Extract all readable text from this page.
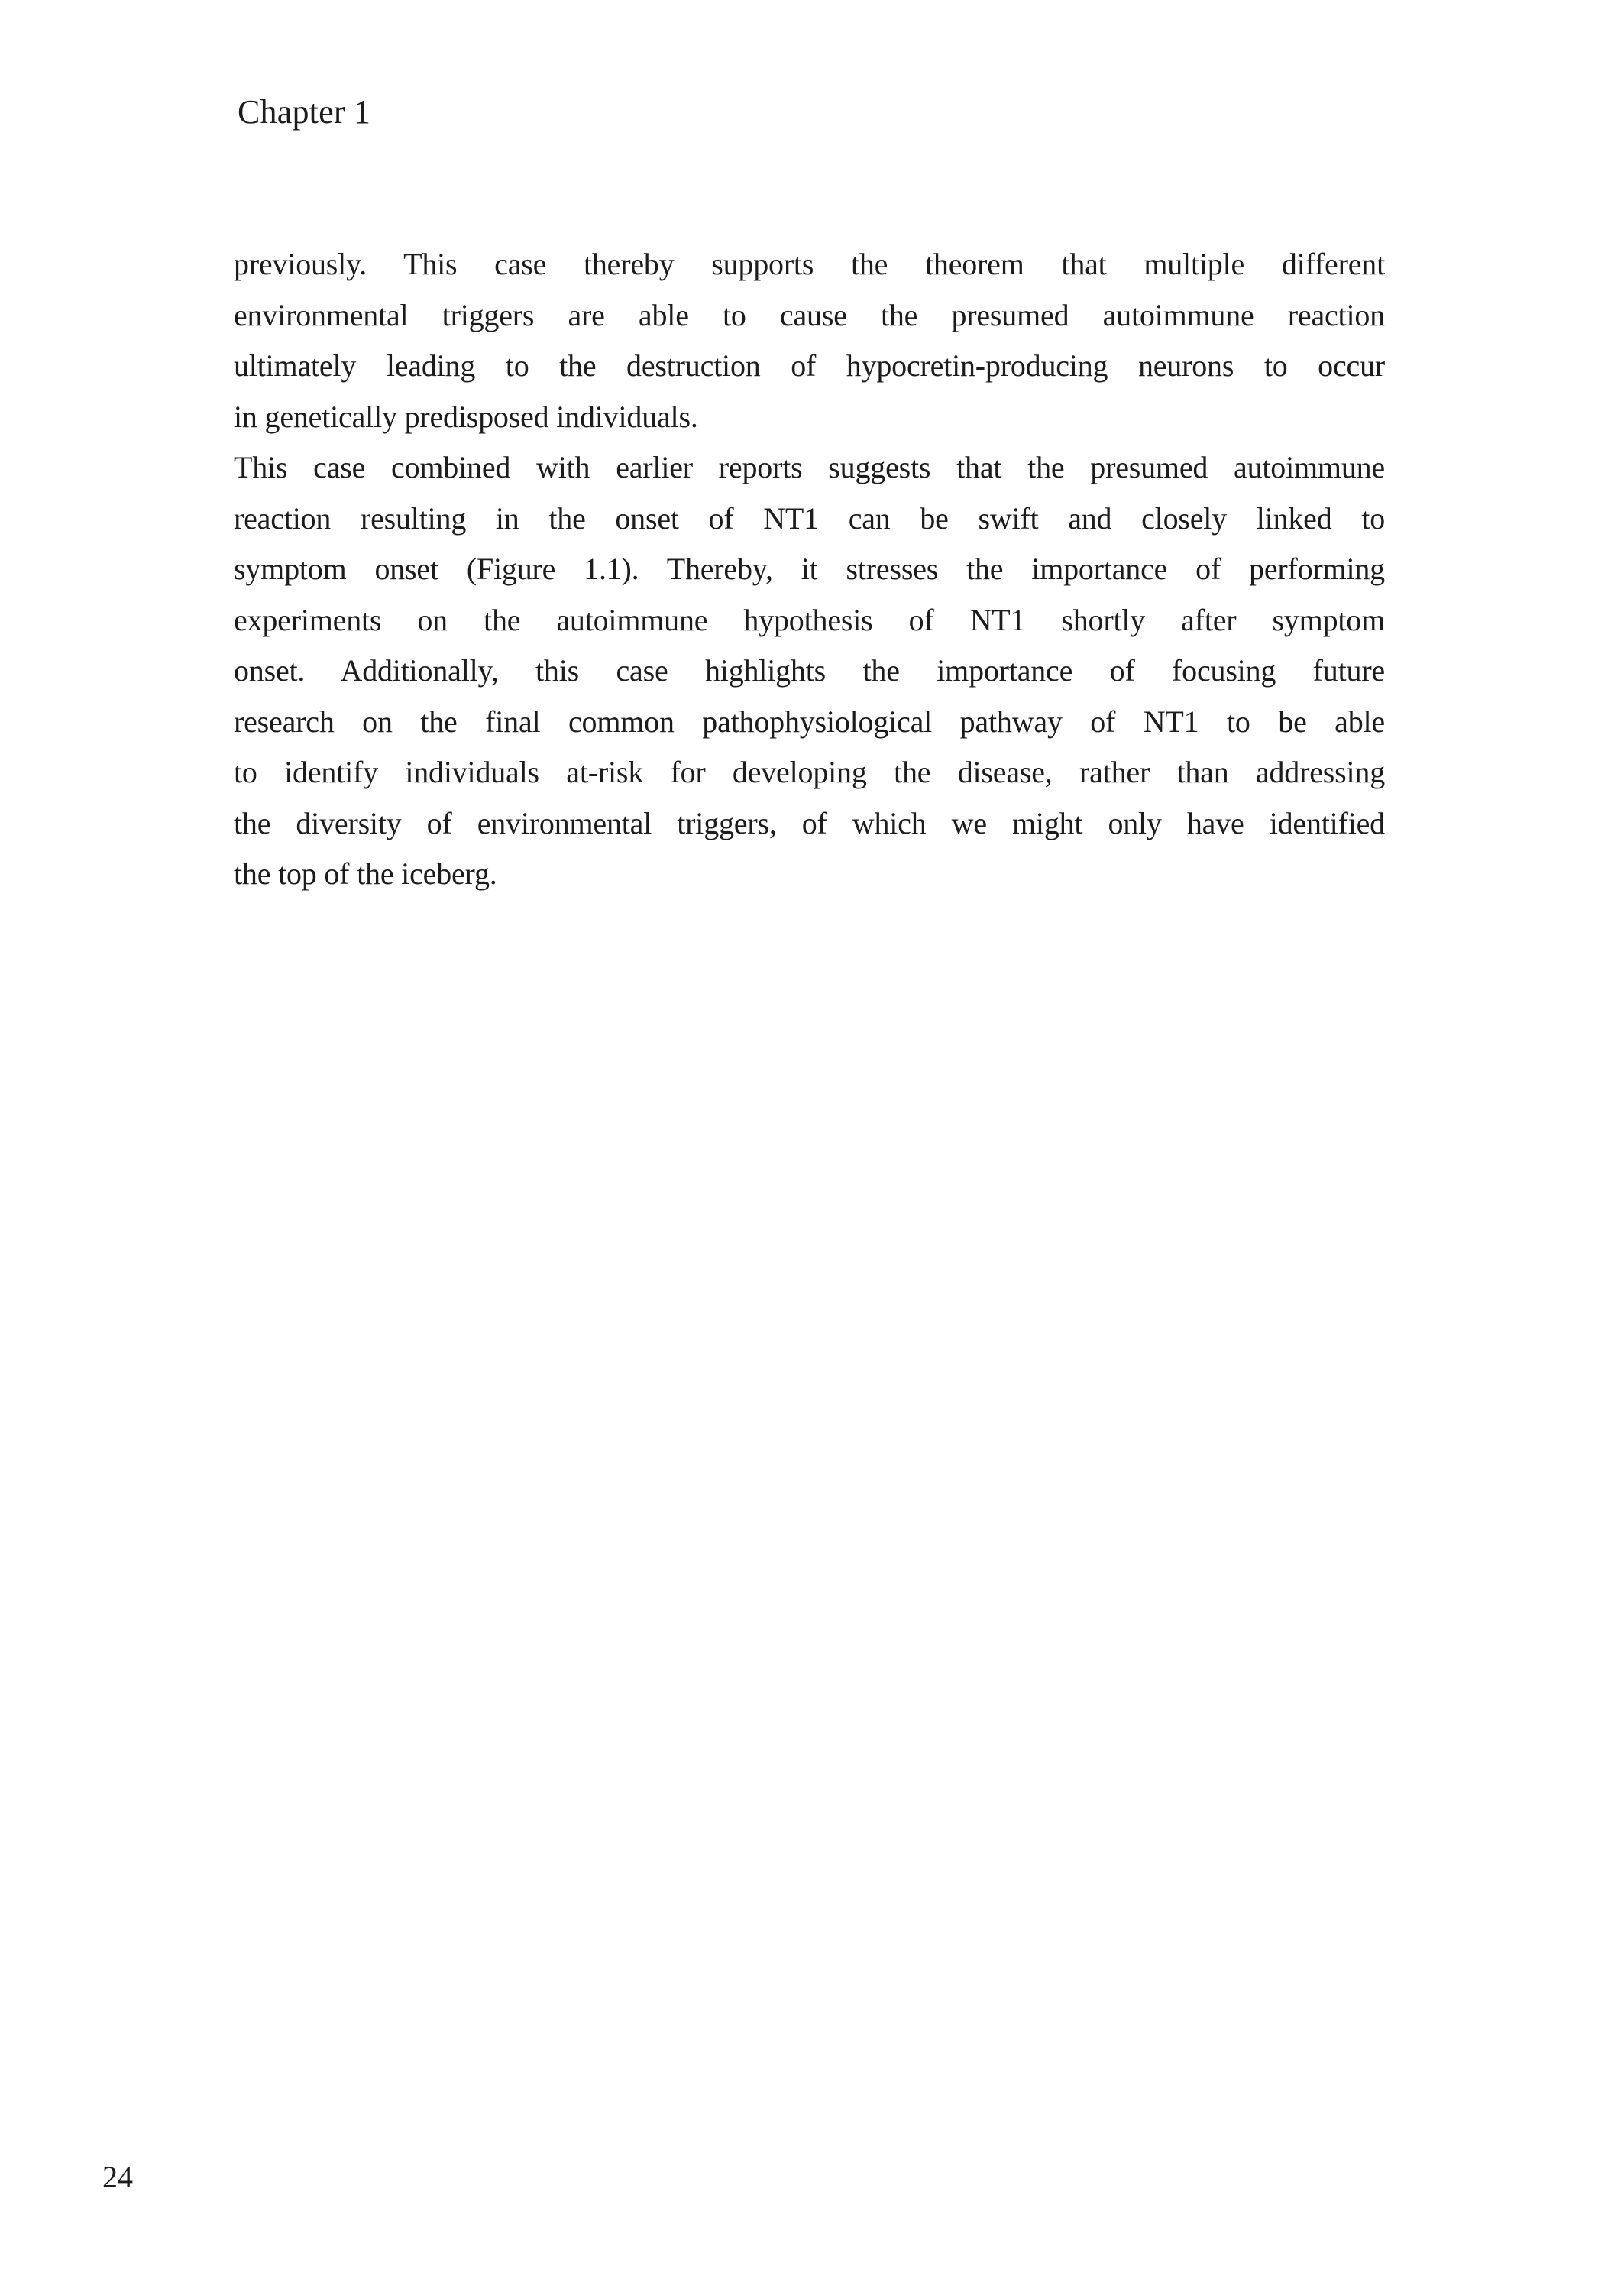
Chapter 1
previously. This case thereby supports the theorem that multiple different
environmental triggers are able to cause the presumed autoimmune reaction
ultimately leading to the destruction of hypocretin-producing neurons to occur
in genetically predisposed individuals.
This case combined with earlier reports suggests that the presumed autoimmune
reaction resulting in the onset of NT1 can be swift and closely linked to
symptom onset (Figure 1.1). Thereby, it stresses the importance of performing
experiments on the autoimmune hypothesis of NT1 shortly after symptom
onset. Additionally, this case highlights the importance of focusing future
research on the final common pathophysiological pathway of NT1 to be able
to identify individuals at-risk for developing the disease, rather than addressing
the diversity of environmental triggers, of which we might only have identified
the top of the iceberg.
24
